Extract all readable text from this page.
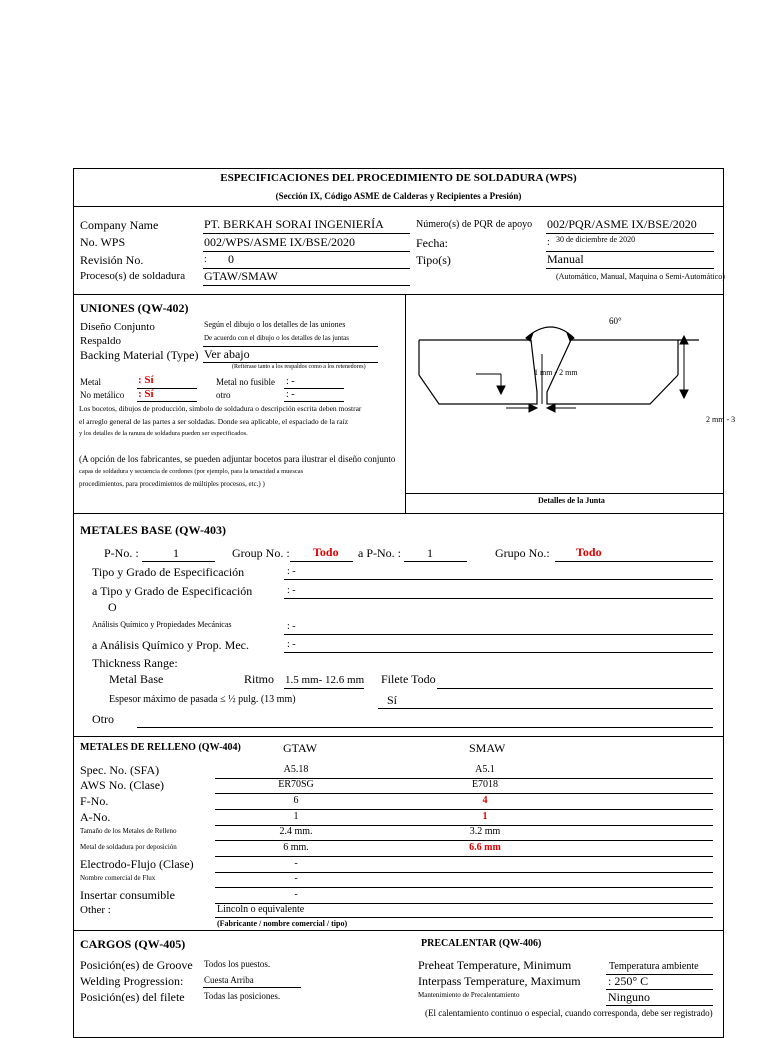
ESPECIFICACIONES DEL PROCEDIMIENTO DE SOLDADURA (WPS)
(Sección IX, Código ASME de Calderas y Recipientes a Presión)
Company Name	PT. BERKAH SORAI INGENIERÍA	Número(s) de PQR de apoyo 002/PQR/ASME IX/BSE/2020
No. WPS	002/WPS/ASME IX/BSE/2020	Fecha:	: 30 de diciembre de 2020
Revisión No.	: 0	Tipo(s)	Manual
Proceso(s) de soldadura GTAW/SMAW	(Automático, Manual, Maquina o Semi-Automático)
UNIONES (QW-402)
Diseño Conjunto	Según el dibujo o los detalles de las uniones
Respaldo	De acuerdo con el dibujo o los detalles de las juntas
Backing Material (Type) Ver abajo
(Refiérase tanto a los respaldos como a los retenedores)
Metal	: Sí	Metal no fusible : -
No metálico : Sí	otro	: -
Los bocetos, dibujos de producción, símbolo de soldadura o descripción escrita deben mostrar
el arreglo general de las partes a ser soldadas. Donde sea aplicable, el espaciado de la raíz
y los detalles de la ranura de soldadura pueden ser especificados.
(A opción de los fabricantes, se pueden adjuntar bocetos para ilustrar el diseño conjunto
capas de soldadura y secuencia de cordones (por ejemplo, para la tenacidad a muescas
procedimientos, para procedimientos de múltiples procesos, etc.) )
60°
1 mm - 2 mm
2 mm - 3
Detalles de la Junta
METALES BASE (QW-403)
P-No. :	1	Group No. : Todo a P-No. : 1	Grupo No.: Todo
Tipo y Grado de Especificación	: -
a Tipo y Grado de Especificación	: -
O
Análisis Químico y Propiedades Mecánicas	: -
a Análisis Químico y Prop. Mec.	: -
Thickness Range:
Metal Base	Ritmo 1.5 mm- 12.6 mm Filete Todo
Espesor máximo de pasada ≤ ½ pulg. (13 mm)	Sí
Otro
METALES DE RELLENO (QW-404)	GTAW	SMAW
Spec. No. (SFA)	A5.18	A5.1
AWS No. (Clase)	ER70SG	E7018
F-No.	6	4
A-No.	1	1
Tamaño de los Metales de Relleno	2.4 mm.	3.2 mm
Metal de soldadura por deposición	6 mm.	6.6 mm
Electrodo-Flujo (Clase)	-
Nombre comercial de Flux	-
Insertar consumible	-
Other :	Lincoln o equivalente
(Fabricante / nombre comercial / tipo)
CARGOS (QW-405)
Posición(es) de Groove Todos los puestos.
Welding Progression: Cuesta Arriba
Posición(es) del filete Todas las posiciones.
PRECALENTAR (QW-406)
Preheat Temperature, Minimum	Temperatura ambiente
Interpass Temperature, Maximum : 250° C
Mantenimiento de Precalentamiento	Ninguno
(El calentamiento continuo o especial, cuando corresponda, debe ser registrado)
